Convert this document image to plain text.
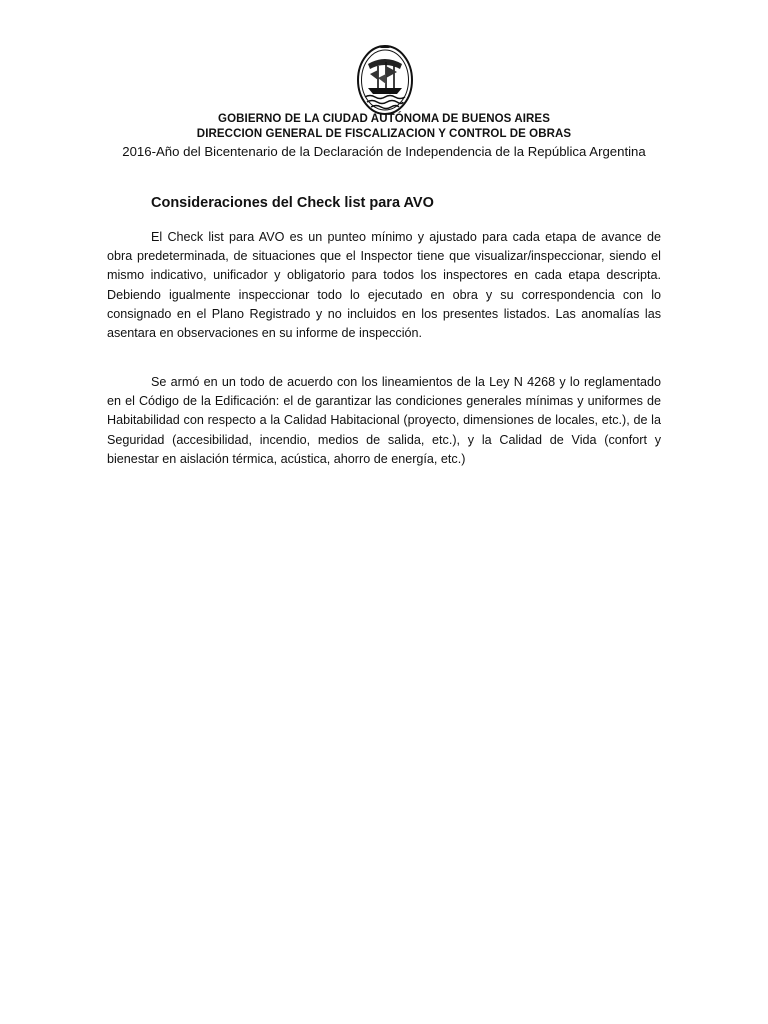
GOBIERNO DE LA CIUDAD AUTÓNOMA DE BUENOS AIRES
DIRECCION GENERAL DE FISCALIZACION Y CONTROL DE OBRAS
2016-Año del Bicentenario de la Declaración de Independencia de la República Argentina
Consideraciones del Check list para AVO

El Check list para AVO es un punteo mínimo y ajustado para cada etapa de avance de obra predeterminada, de situaciones que el Inspector tiene que visualizar/inspeccionar, siendo el mismo indicativo, unificador y obligatorio para todos los inspectores en cada etapa descripta. Debiendo igualmente inspeccionar todo lo ejecutado en obra y su correspondencia con lo consignado en el Plano Registrado y no incluidos en los presentes listados. Las anomalías las asentara en observaciones en su informe de inspección.

Se armó en un todo de acuerdo con los lineamientos de la Ley N 4268 y lo reglamentado en el Código de la Edificación: el de garantizar las condiciones generales mínimas y uniformes de Habitabilidad con respecto a la Calidad Habitacional (proyecto, dimensiones de locales, etc.), de la Seguridad (accesibilidad, incendio, medios de salida, etc.), y la Calidad de Vida (confort y bienestar en aislación térmica, acústica, ahorro de energía, etc.)
